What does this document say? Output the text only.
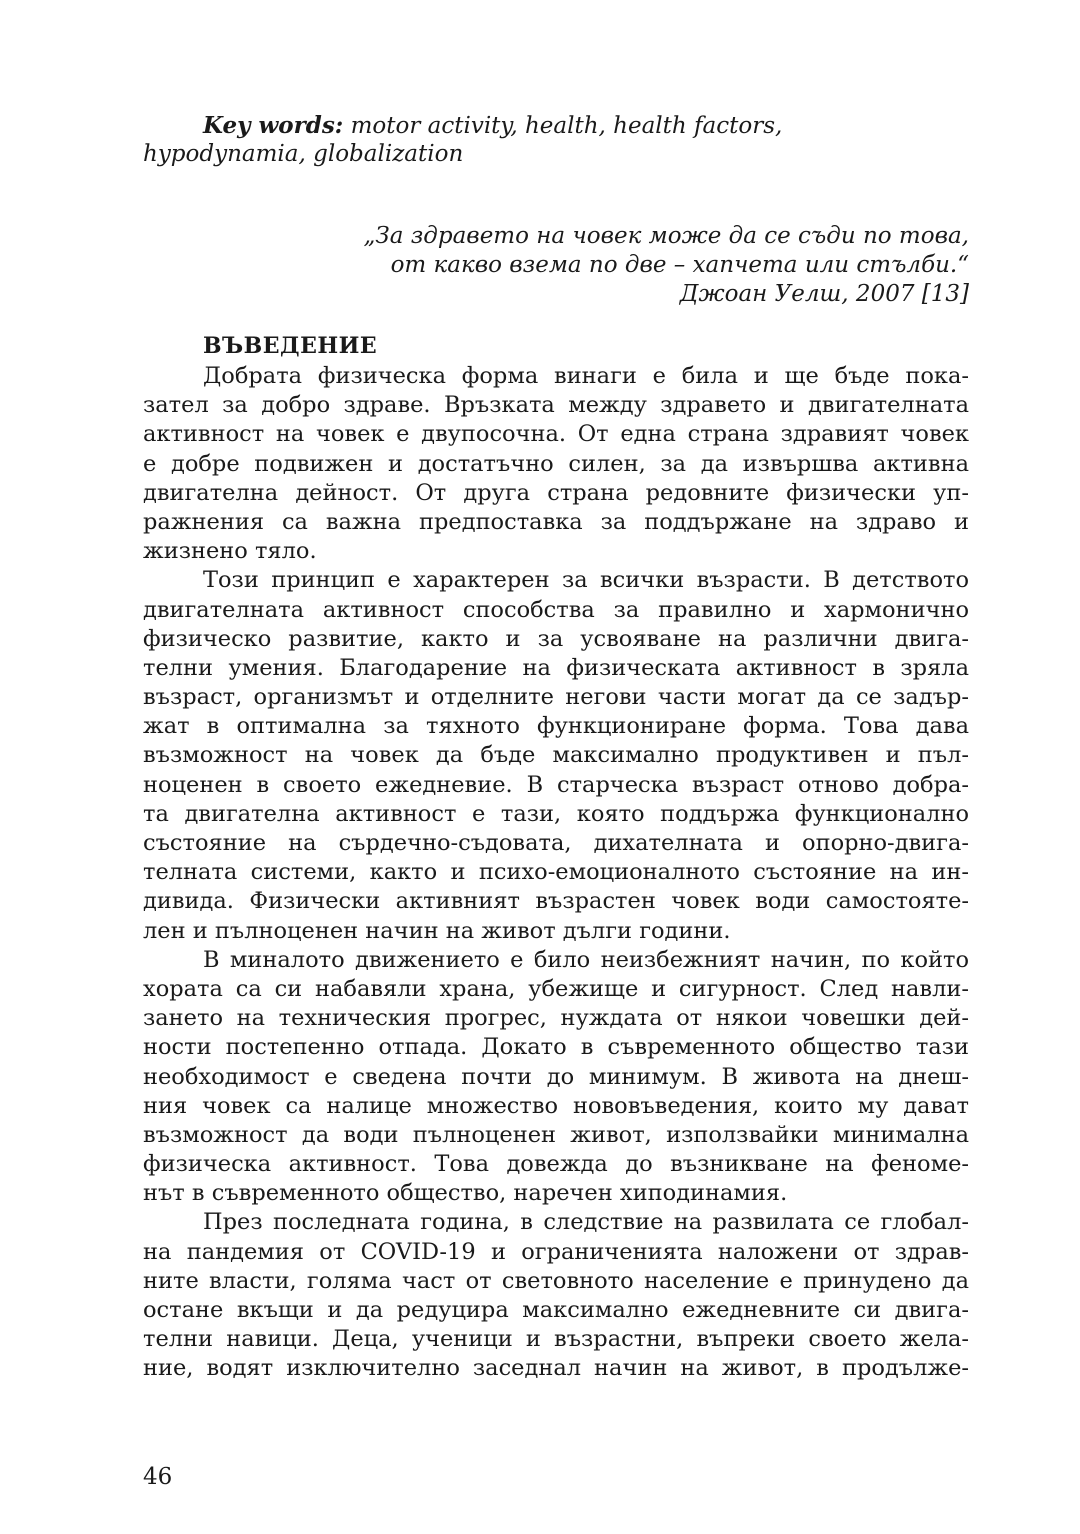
Key words: motor activity, health, health factors,
hypodynamia, globalization
„За здравето на човек може да се съди по това,
от какво взема по две – хапчета или стълби.“
Джоан Уелш, 2007 [13]
ВЪВЕДЕНИЕ
Добрата физическа форма винаги е била и ще бъде пока-
зател за добро здраве. Връзката между здравето и двигателната
активност на човек е двупосочна. От една страна здравият човек
е добре подвижен и достатъчно силен, за да извършва активна
двигателна дейност. От друга страна редовните физически уп-
ражнения са важна предпоставка за поддържане на здраво и
жизнено тяло.
Този принцип е характерен за всички възрасти. В детството
двигателната активност способства за правилно и хармонично
физическо развитие, както и за усвояване на различни двига-
телни умения. Благодарение на физическата активност в зряла
възраст, организмът и отделните негови части могат да се задър-
жат в оптимална за тяхното функциониране форма. Това дава
възможност на човек да бъде максимално продуктивен и пъл-
ноценен в своето ежедневие. В старческа възраст отново добра-
та двигателна активност е тази, която поддържа функционално
състояние на сърдечно-съдовата, дихателната и опорно-двига-
телната системи, както и психо-емоционалното състояние на ин-
дивида. Физически активният възрастен човек води самостояте-
лен и пълноценен начин на живот дълги години.
В миналото движението е било неизбежният начин, по който
хората са си набавяли храна, убежище и сигурност. След навли-
зането на техническия прогрес, нуждата от някои човешки дей-
ности постепенно отпада. Докато в съвременното общество тази
необходимост е сведена почти до минимум. В живота на днеш-
ния човек са налице множество нововъведения, които му дават
възможност да води пълноценен живот, използвайки минимална
физическа активност. Това довежда до възникване на феноме-
нът в съвременното общество, наречен хиподинамия.
През последната година, в следствие на развилата се глобал-
на пандемия от COVID-19 и ограниченията наложени от здрав-
ните власти, голяма част от световното население е принудено да
остане вкъщи и да редуцира максимално ежедневните си двига-
телни навици. Деца, ученици и възрастни, въпреки своето жела-
ние, водят изключително заседнал начин на живот, в продълже-
46
